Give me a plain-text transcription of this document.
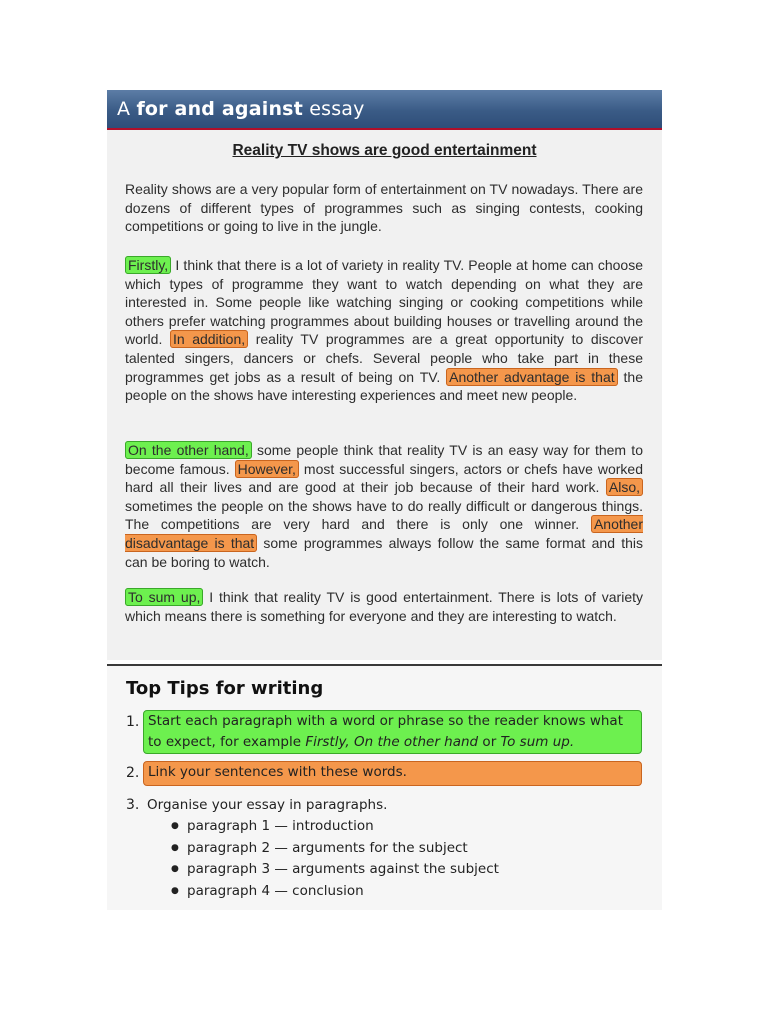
A for and against essay
Reality TV shows are good entertainment
Reality shows are a very popular form of entertainment on TV nowadays. There are dozens of different types of programmes such as singing contests, cooking competitions or going to live in the jungle.
Firstly, I think that there is a lot of variety in reality TV. People at home can choose which types of programme they want to watch depending on what they are interested in. Some people like watching singing or cooking competitions while others prefer watching programmes about building houses or travelling around the world. In addition, reality TV programmes are a great opportunity to discover talented singers, dancers or chefs. Several people who take part in these programmes get jobs as a result of being on TV. Another advantage is that the people on the shows have interesting experiences and meet new people.
On the other hand, some people think that reality TV is an easy way for them to become famous. However, most successful singers, actors or chefs have worked hard all their lives and are good at their job because of their hard work. Also, sometimes the people on the shows have to do really difficult or dangerous things. The competitions are very hard and there is only one winner. Another disadvantage is that some programmes always follow the same format and this can be boring to watch.
To sum up, I think that reality TV is good entertainment. There is lots of variety which means there is something for everyone and they are interesting to watch.
Top Tips for writing
1. Start each paragraph with a word or phrase so the reader knows what to expect, for example Firstly, On the other hand or To sum up.
2. Link your sentences with these words.
3. Organise your essay in paragraphs.
● paragraph 1 — introduction
● paragraph 2 — arguments for the subject
● paragraph 3 — arguments against the subject
● paragraph 4 — conclusion
